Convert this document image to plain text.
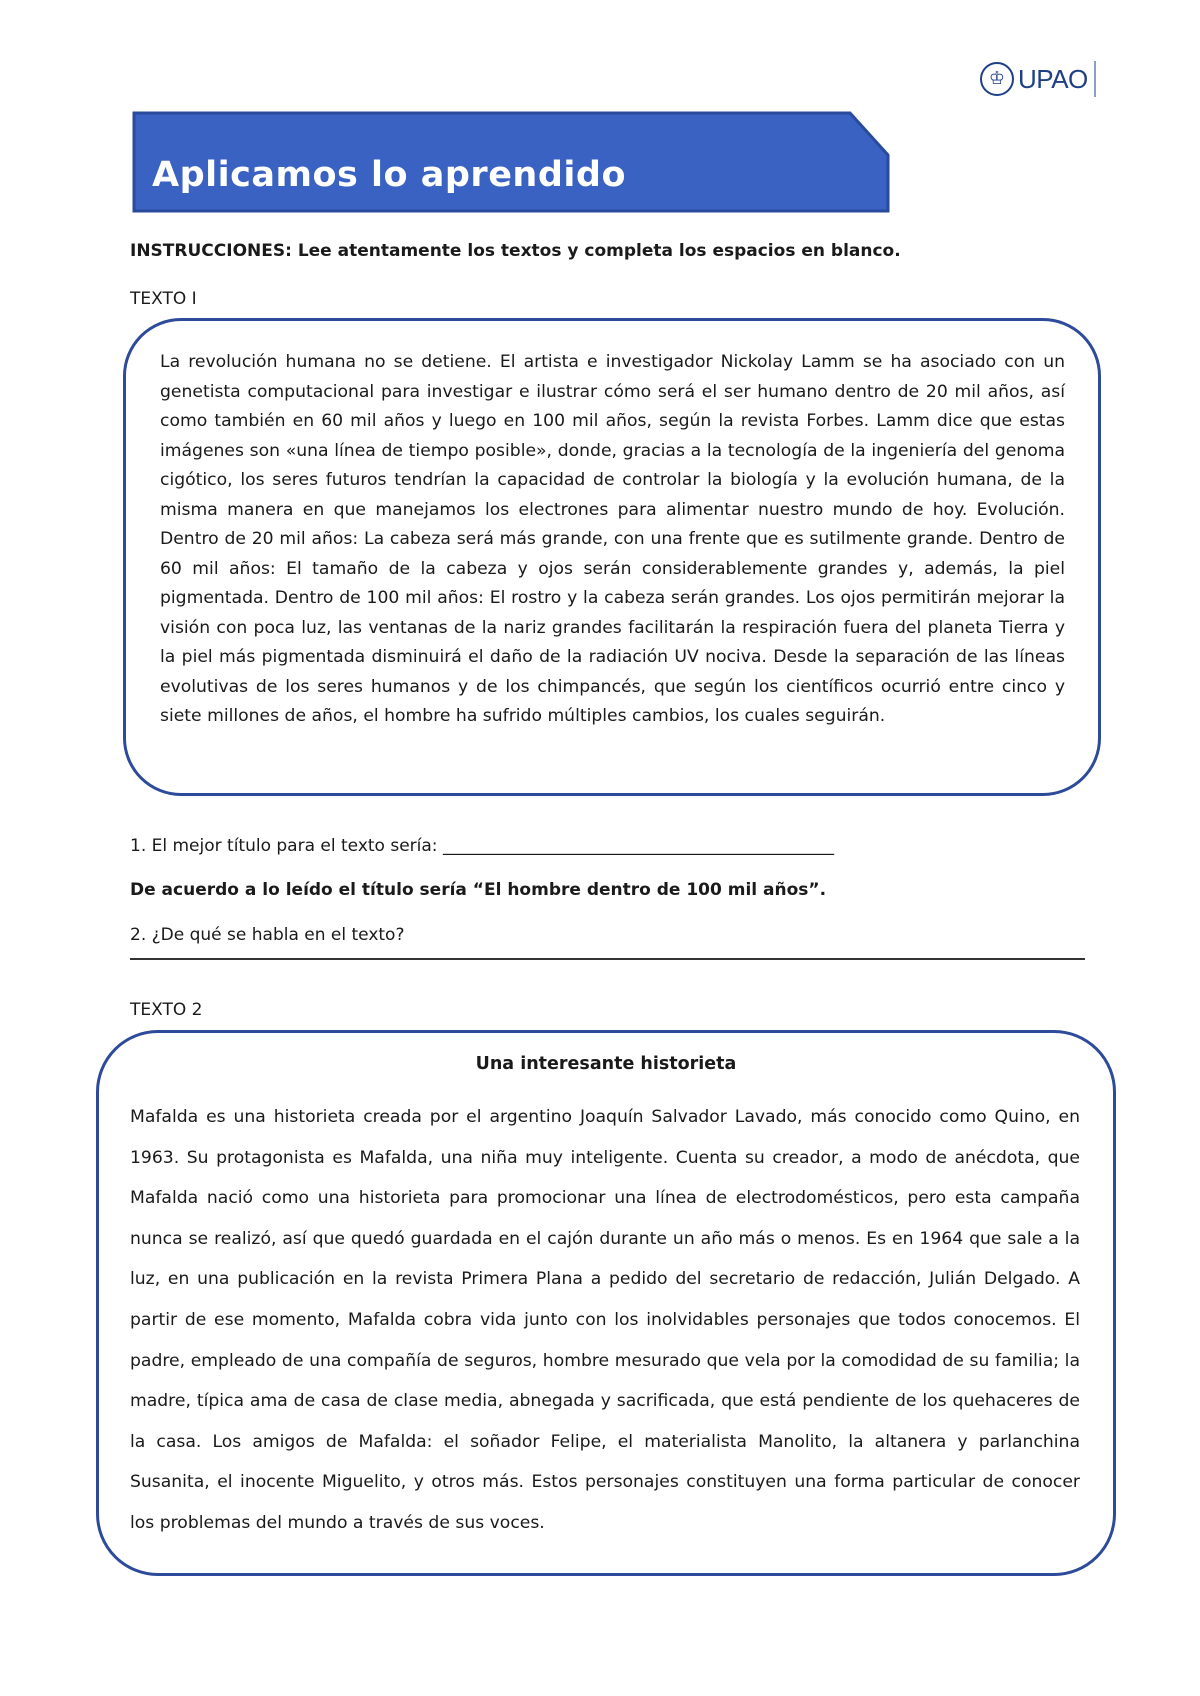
♔ UPAO
Aplicamos lo aprendido
INSTRUCCIONES: Lee atentamente los textos y completa los espacios en blanco.
TEXTO I

La revolución humana no se detiene. El artista e investigador Nickolay Lamm se ha asociado con un genetista computacional para investigar e ilustrar cómo será el ser humano dentro de 20 mil años, así como también en 60 mil años y luego en 100 mil años, según la revista Forbes. Lamm dice que estas imágenes son «una línea de tiempo posible», donde, gracias a la tecnología de la ingeniería del genoma cigótico, los seres futuros tendrían la capacidad de controlar la biología y la evolución humana, de la misma manera en que manejamos los electrones para alimentar nuestro mundo de hoy. Evolución. Dentro de 20 mil años: La cabeza será más grande, con una frente que es sutilmente grande. Dentro de 60 mil años: El tamaño de la cabeza y ojos serán considerablemente grandes y, además, la piel pigmentada. Dentro de 100 mil años: El rostro y la cabeza serán grandes. Los ojos permitirán mejorar la visión con poca luz, las ventanas de la nariz grandes facilitarán la respiración fuera del planeta Tierra y la piel más pigmentada disminuirá el daño de la radiación UV nociva. Desde la separación de las líneas evolutivas de los seres humanos y de los chimpancés, que según los científicos ocurrió entre cinco y siete millones de años, el hombre ha sufrido múltiples cambios, los cuales seguirán.

1. El mejor título para el texto sería: ______________________________________________
De acuerdo a lo leído el título sería “El hombre dentro de 100 mil años”.
2. ¿De qué se habla en el texto?
TEXTO 2
Una interesante historieta

Mafalda es una historieta creada por el argentino Joaquín Salvador Lavado, más conocido como Quino, en 1963. Su protagonista es Mafalda, una niña muy inteligente. Cuenta su creador, a modo de anécdota, que Mafalda nació como una historieta para promocionar una línea de electrodomésticos, pero esta campaña nunca se realizó, así que quedó guardada en el cajón durante un año más o menos. Es en 1964 que sale a la luz, en una publicación en la revista Primera Plana a pedido del secretario de redacción, Julián Delgado. A partir de ese momento, Mafalda cobra vida junto con los inolvidables personajes que todos conocemos. El padre, empleado de una compañía de seguros, hombre mesurado que vela por la comodidad de su familia; la madre, típica ama de casa de clase media, abnegada y sacrificada, que está pendiente de los quehaceres de la casa. Los amigos de Mafalda: el soñador Felipe, el materialista Manolito, la altanera y parlanchina Susanita, el inocente Miguelito, y otros más. Estos personajes constituyen una forma particular de conocer los problemas del mundo a través de sus voces.
